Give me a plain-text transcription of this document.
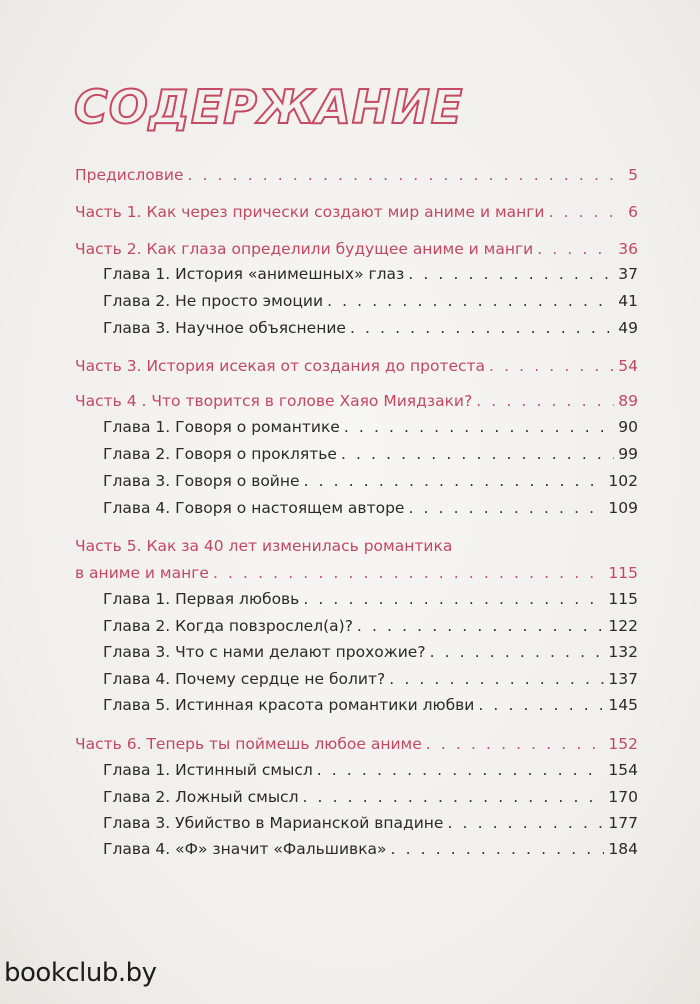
СОДЕРЖАНИЕ
Предисловие . . .	5
Часть 1. Как через прически создают мир аниме и манги . . .	6
Часть 2. Как глаза определили будущее аниме и манги . . .	36
Глава 1. История «анимешных» глаз . . .	37
Глава 2. Не просто эмоции . . .	41
Глава 3. Научное объяснение . . .	49
Часть 3. История исекая от создания до протеста . . .	54
Часть 4 . Что творится в голове Хаяо Миядзаки? . . .	89
Глава 1. Говоря о романтике . . .	90
Глава 2. Говоря о проклятье . . .	99
Глава 3. Говоря о войне . . .	102
Глава 4. Говоря о настоящем авторе . . .	109
Часть 5. Как за 40 лет изменилась романтика
в аниме и манге . . .	115
Глава 1. Первая любовь . . .	115
Глава 2. Когда повзрослел(а)? . . .	122
Глава 3. Что с нами делают прохожие? . . .	132
Глава 4. Почему сердце не болит? . . .	137
Глава 5. Истинная красота романтики любви . . .	145
Часть 6. Теперь ты поймешь любое аниме . . .	152
Глава 1. Истинный смысл . . .	154
Глава 2. Ложный смысл . . .	170
Глава 3. Убийство в Марианской впадине . . .	177
Глава 4. «Ф» значит «Фальшивка» . . .	184
bookclub.by
